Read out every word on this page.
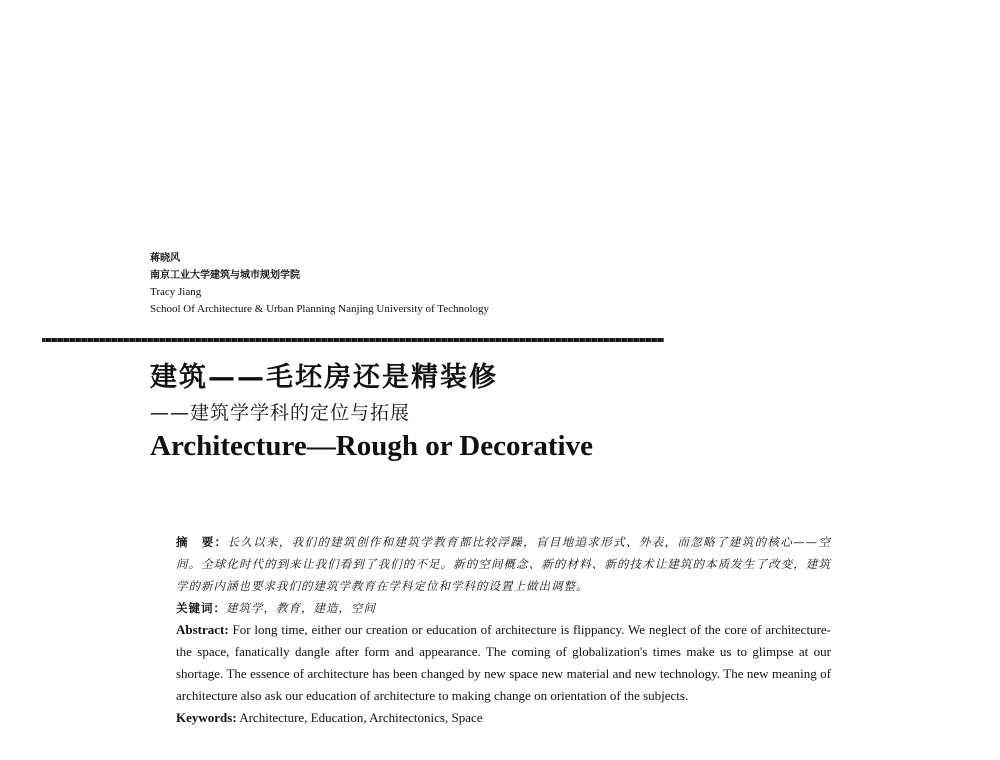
蒋晓风
南京工业大学建筑与城市规划学院
Tracy Jiang
School Of Architecture & Urban Planning Nanjing University of Technology
建筑——毛坯房还是精装修
——建筑学学科的定位与拓展
Architecture—Rough or Decorative
摘　要：长久以来，我们的建筑创作和建筑学教育都比较浮躁，盲目地追求形式、外表，而忽略了建筑的核心——空间。全球化时代的到来让我们看到了我们的不足。新的空间概念、新的材料、新的技术让建筑的本质发生了改变，建筑学的新内涵也要求我们的建筑学教育在学科定位和学科的设置上做出调整。
关键词：建筑学，教育，建造，空间
Abstract: For long time, either our creation or education of architecture is flippancy. We neglect of the core of architecture- the space, fanatically dangle after form and appearance. The coming of globalization's times make us to glimpse at our shortage. The essence of architecture has been changed by new space new material and new technology. The new meaning of architecture also ask our education of architecture to making change on orientation of the subjects.
Keywords: Architecture, Education, Architectonics, Space
